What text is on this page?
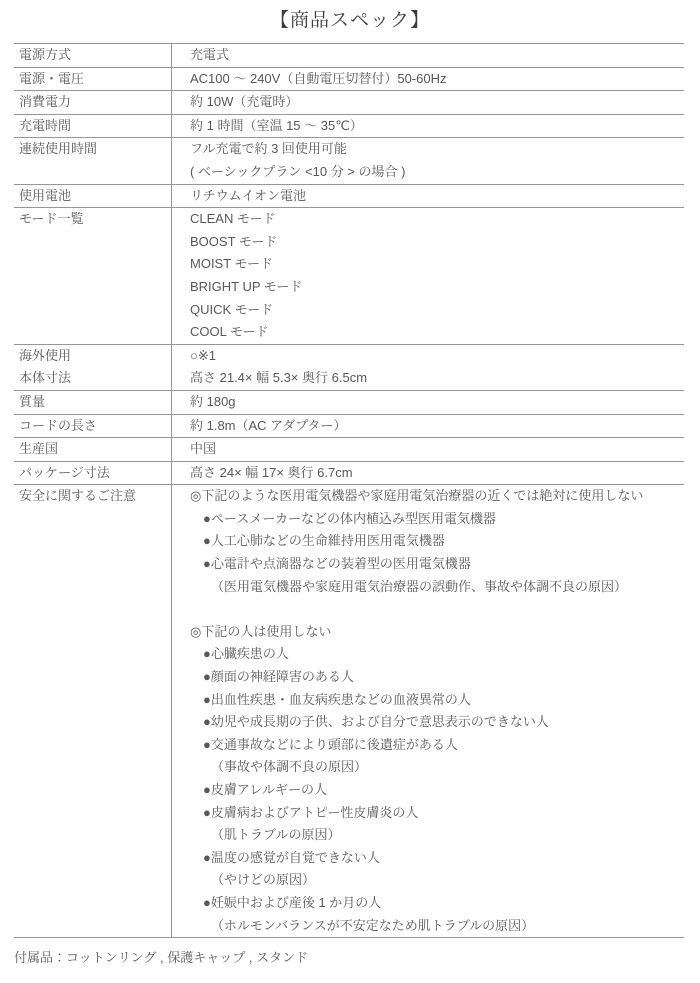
【商品スペック】
電源方式	充電式
電源・電圧	AC100 ～ 240V（自動電圧切替付）50-60Hz
消費電力	約 10W（充電時）
充電時間	約 1 時間（室温 15 ～ 35℃）
連続使用時間	フル充電で約 3 回使用可能
( ベーシックプラン <10 分 > の場合 )
使用電池	リチウムイオン電池
モード一覧	CLEAN モード
BOOST モード
MOIST モード
BRIGHT UP モード
QUICK モード
COOL モード
海外使用	○※1
本体寸法	高さ 21.4× 幅 5.3× 奥行 6.5cm
質量	約 180g
コードの長さ	約 1.8m（AC アダプター）
生産国	中国
パッケージ寸法	高さ 24× 幅 17× 奥行 6.7cm
安全に関するご注意	◎下記のような医用電気機器や家庭用電気治療器の近くでは絶対に使用しない
●ペースメーカーなどの体内植込み型医用電気機器
●人工心肺などの生命維持用医用電気機器
●心電計や点滴器などの装着型の医用電気機器
（医用電気機器や家庭用電気治療器の誤動作、事故や体調不良の原因）
◎下記の人は使用しない
●心臓疾患の人
●顔面の神経障害のある人
●出血性疾患・血友病疾患などの血液異常の人
●幼児や成長期の子供、および自分で意思表示のできない人
●交通事故などにより頭部に後遺症がある人
（事故や体調不良の原因）
●皮膚アレルギーの人
●皮膚病およびアトピー性皮膚炎の人
（肌トラブルの原因）
●温度の感覚が自覚できない人
（やけどの原因）
●妊娠中および産後 1 か月の人
（ホルモンバランスが不安定なため肌トラブルの原因）
付属品：コットンリング , 保護キャップ , スタンド
